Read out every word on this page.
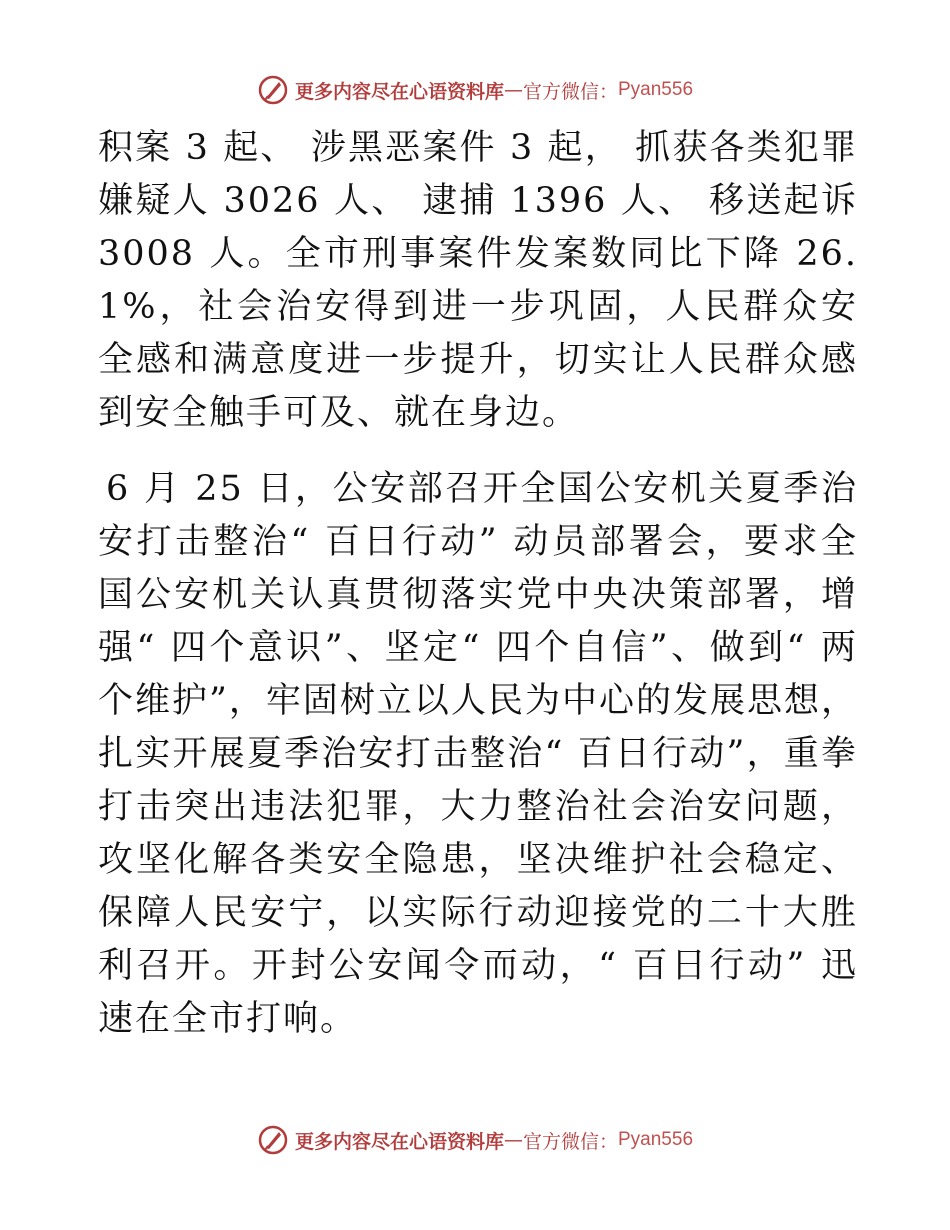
更多内容尽在心语资料库 — 官方微信： Pyan556

积案 3 起、 涉黑恶案件 3 起， 抓获各类犯罪嫌疑人 3026 人、 逮捕 1396 人、 移送起诉 3008 人。全市刑事案件发案数同比下降 26.1%，社会治安得到进一步巩固，人民群众安全感和满意度进一步提升，切实让人民群众感到安全触手可及、就在身边。

6 月 25 日，公安部召开全国公安机关夏季治安打击整治“ 百日行动” 动员部署会，要求全国公安机关认真贯彻落实党中央决策部署，增强“ 四个意识”、坚定“ 四个自信”、做到“ 两个维护”，牢固树立以人民为中心的发展思想，扎实开展夏季治安打击整治“ 百日行动”，重拳打击突出违法犯罪，大力整治社会治安问题，攻坚化解各类安全隐患，坚决维护社会稳定、保障人民安宁，以实际行动迎接党的二十大胜利召开。开封公安闻令而动，“ 百日行动” 迅速在全市打响。

更多内容尽在心语资料库 — 官方微信： Pyan556
